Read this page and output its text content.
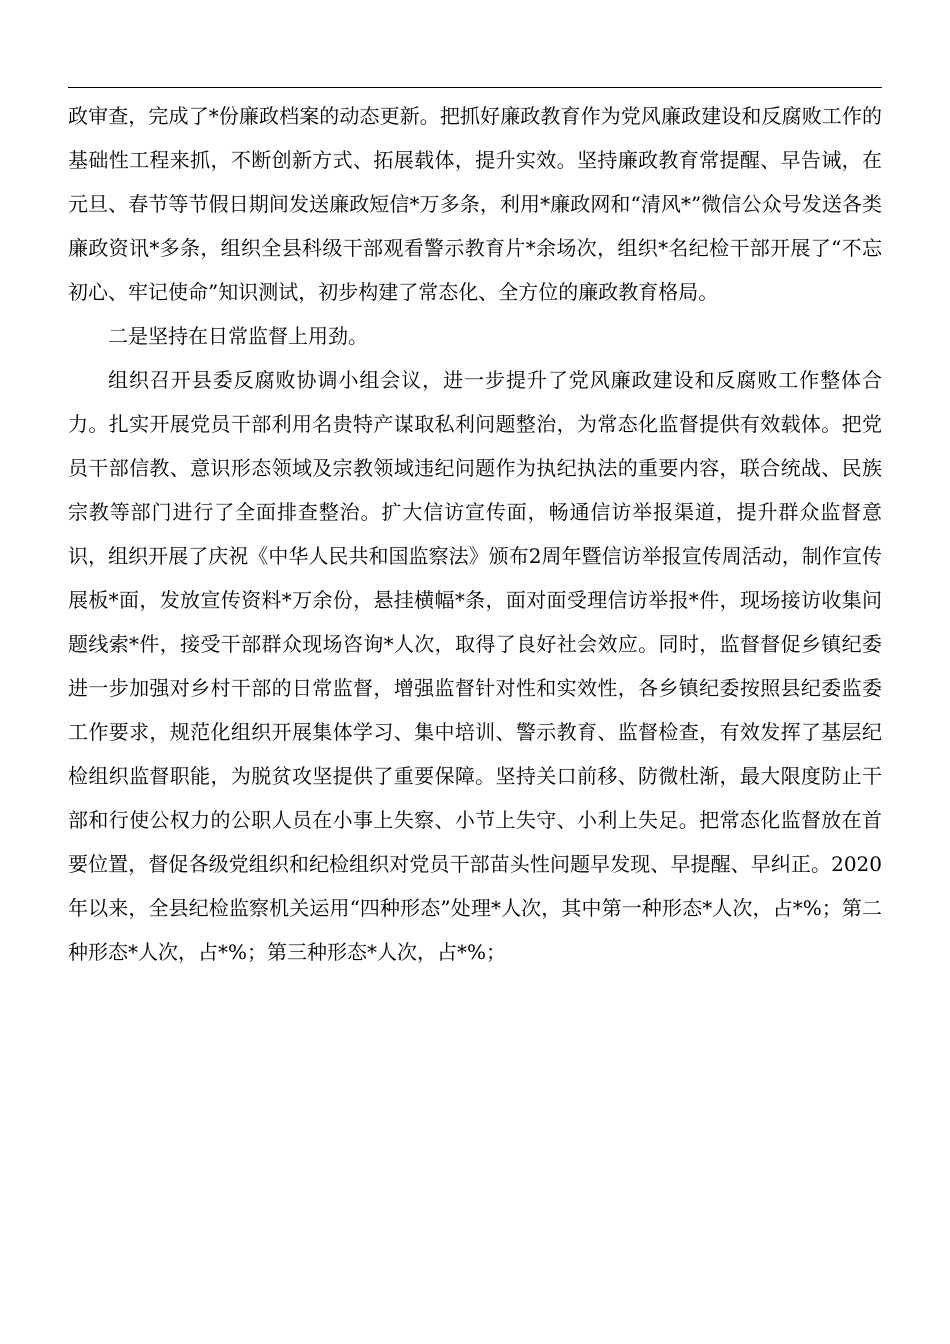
政审查，完成了*份廉政档案的动态更新。把抓好廉政教育作为党风廉政建设和反腐败工作的基础性工程来抓，不断创新方式、拓展载体，提升实效。坚持廉政教育常提醒、早告诫，在元旦、春节等节假日期间发送廉政短信*万多条，利用*廉政网和“清风*”微信公众号发送各类廉政资讯*多条，组织全县科级干部观看警示教育片*余场次，组织*名纪检干部开展了“不忘初心、牢记使命”知识测试，初步构建了常态化、全方位的廉政教育格局。

二是坚持在日常监督上用劲。

组织召开县委反腐败协调小组会议，进一步提升了党风廉政建设和反腐败工作整体合力。扎实开展党员干部利用名贵特产谋取私利问题整治，为常态化监督提供有效载体。把党员干部信教、意识形态领域及宗教领域违纪问题作为执纪执法的重要内容，联合统战、民族宗教等部门进行了全面排查整治。扩大信访宣传面，畅通信访举报渠道，提升群众监督意识，组织开展了庆祝《中华人民共和国监察法》颁布2周年暨信访举报宣传周活动，制作宣传展板*面，发放宣传资料*万余份，悬挂横幅*条，面对面受理信访举报*件，现场接访收集问题线索*件，接受干部群众现场咨询*人次，取得了良好社会效应。同时，监督督促乡镇纪委进一步加强对乡村干部的日常监督，增强监督针对性和实效性，各乡镇纪委按照县纪委监委工作要求，规范化组织开展集体学习、集中培训、警示教育、监督检查，有效发挥了基层纪检组织监督职能，为脱贫攻坚提供了重要保障。坚持关口前移、防微杜渐，最大限度防止干部和行使公权力的公职人员在小事上失察、小节上失守、小利上失足。把常态化监督放在首要位置，督促各级党组织和纪检组织对党员干部苗头性问题早发现、早提醒、早纠正。2020年以来，全县纪检监察机关运用“四种形态”处理*人次，其中第一种形态*人次，占*%；第二种形态*人次，占*%；第三种形态*人次，占*%；
